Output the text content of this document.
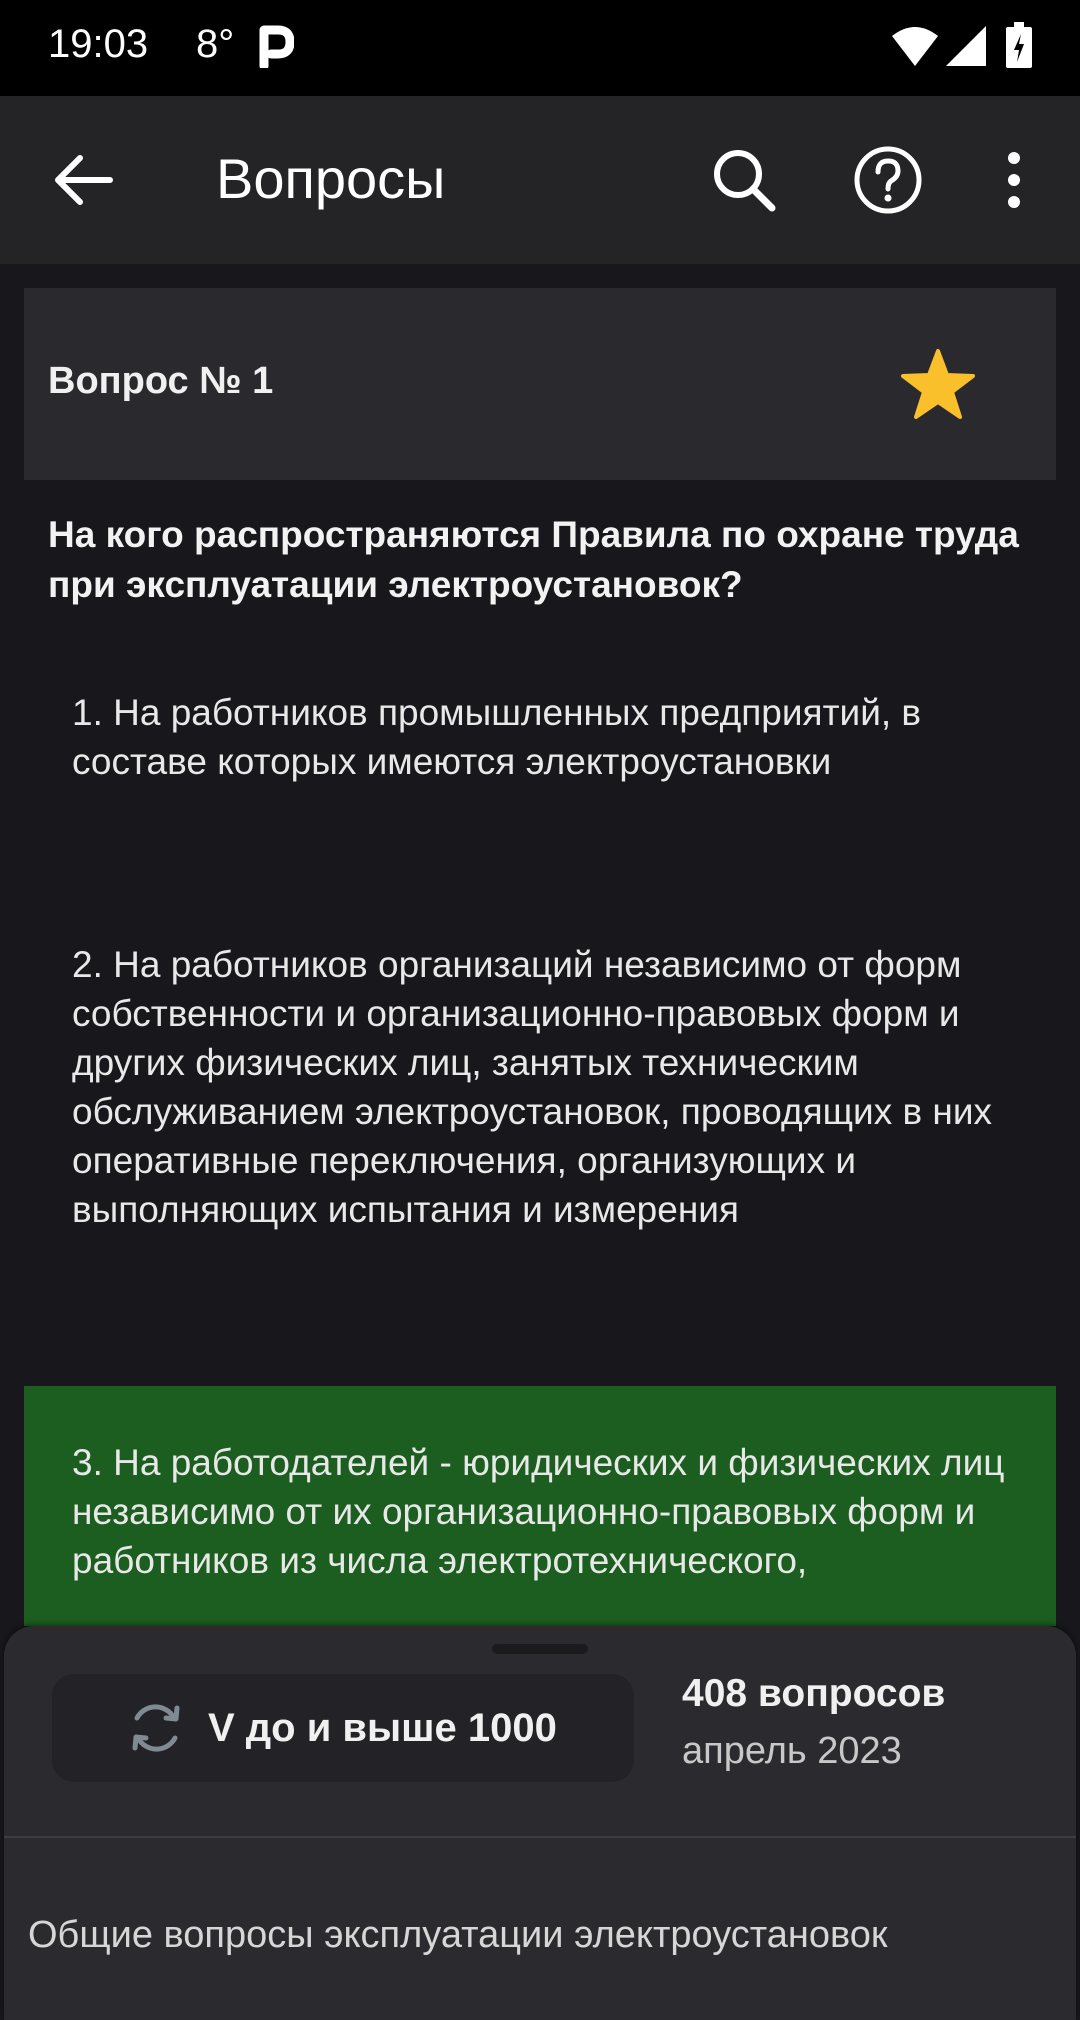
19:03 8°
Вопросы
Вопрос № 1
На кого распространяются Правила по охране труда при эксплуатации электроустановок?
1. На работников промышленных предприятий, в составе которых имеются электроустановки
2. На работников организаций независимо от форм собственности и организационно-правовых форм и других физических лиц, занятых техническим обслуживанием электроустановок, проводящих в них оперативные переключения, организующих и выполняющих испытания и измерения
3. На работодателей - юридических и физических лиц независимо от их организационно-правовых форм и работников из числа электротехнического,
V до и выше 1000
408 вопросов
апрель 2023
Общие вопросы эксплуатации электроустановок
